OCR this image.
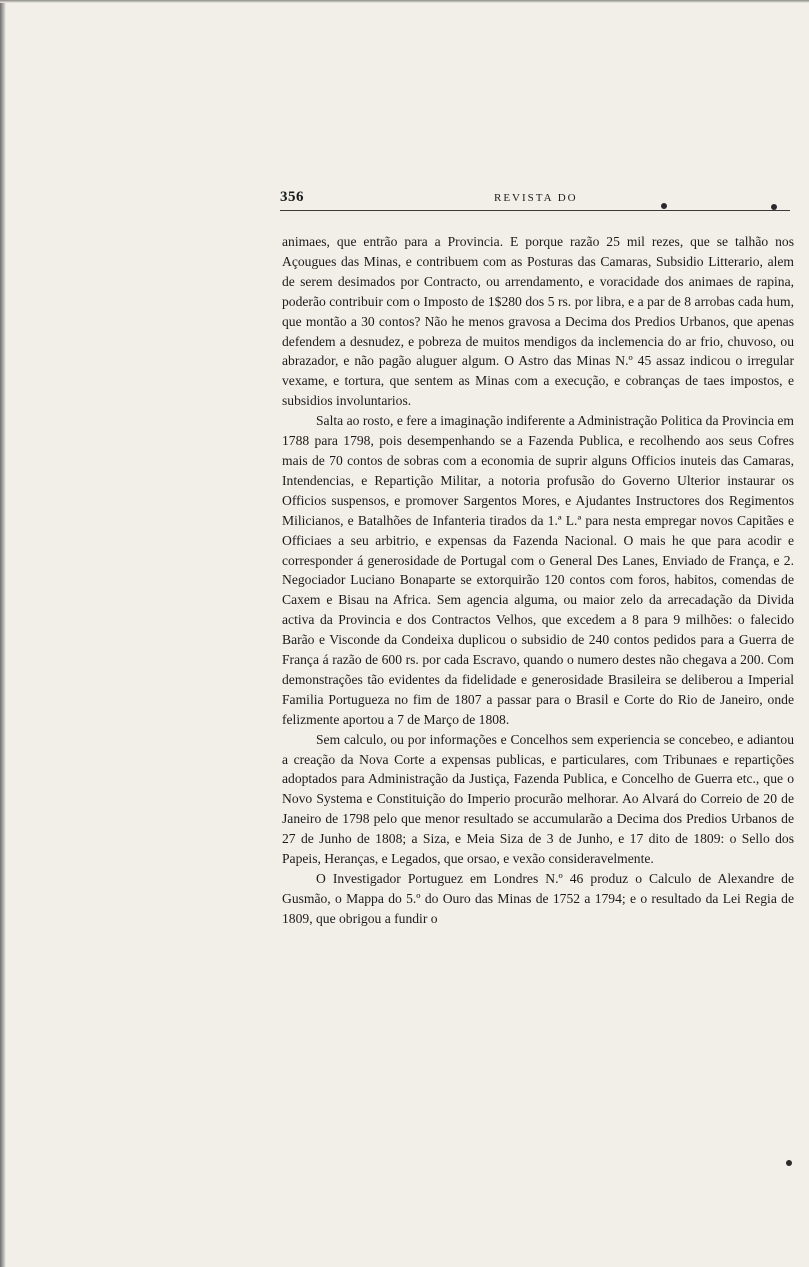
356	REVISTA DO

animaes, que entrão para a Provincia. E porque razão 25 mil rezes, que se talhão nos Açougues das Minas, e contribuem com as Posturas das Camaras, Subsidio Litterario, alem de serem desimados por Contracto, ou arrendamento, e voracidade dos animaes de rapina, poderão contribuir com o Imposto de 1$280 dos 5 rs. por libra, e a par de 8 arrobas cada hum, que montão a 30 contos? Não he menos gravosa a Decima dos Predios Urbanos, que apenas defendem a desnudez, e pobreza de muitos mendigos da inclemencia do ar frio, chuvoso, ou abrazador, e não pagão aluguer algum. O Astro das Minas N.º 45 assaz indicou o irregular vexame, e tortura, que sentem as Minas com a execução, e cobranças de taes impostos, e subsidios involuntarios.

Salta ao rosto, e fere a imaginação indiferente a Administração Politica da Provincia em 1788 para 1798, pois desempenhando se a Fazenda Publica, e recolhendo aos seus Cofres mais de 70 contos de sobras com a economia de suprir alguns Officios inuteis das Camaras, Intendencias, e Repartição Militar, a notoria profusão do Governo Ulterior instaurar os Officios suspensos, e promover Sargentos Mores, e Ajudantes Instructores dos Regimentos Milicianos, e Batalhões de Infanteria tirados da 1.ª L.ª para nesta empregar novos Capitães e Officiaes a seu arbitrio, e expensas da Fazenda Nacional. O mais he que para acodir e corresponder á generosidade de Portugal com o General Des Lanes, Enviado de França, e 2. Negociador Luciano Bonaparte se extorquirão 120 contos com foros, habitos, comendas de Caxem e Bisau na Africa. Sem agencia alguma, ou maior zelo da arrecadação da Divida activa da Provincia e dos Contractos Velhos, que excedem a 8 para 9 milhões: o falecido Barão e Visconde da Condeixa duplicou o subsidio de 240 contos pedidos para a Guerra de França á razão de 600 rs. por cada Escravo, quando o numero destes não chegava a 200. Com demonstrações tão evidentes da fidelidade e generosidade Brasileira se deliberou a Imperial Familia Portugueza no fim de 1807 a passar para o Brasil e Corte do Rio de Janeiro, onde felizmente aportou a 7 de Março de 1808.

Sem calculo, ou por informações e Concelhos sem experiencia se concebeo, e adiantou a creação da Nova Corte a expensas publicas, e particulares, com Tribunaes e repartições adoptados para Administração da Justiça, Fazenda Publica, e Concelho de Guerra etc., que o Novo Systema e Constituição do Imperio procurão melhorar. Ao Alvará do Correio de 20 de Janeiro de 1798 pelo que menor resultado se accumularão a Decima dos Predios Urbanos de 27 de Junho de 1808; a Siza, e Meia Siza de 3 de Junho, e 17 dito de 1809: o Sello dos Papeis, Heranças, e Legados, que orsao, e vexão consideravelmente.

O Investigador Portuguez em Londres N.º 46 produz o Calculo de Alexandre de Gusmão, o Mappa do 5.º do Ouro das Minas de 1752 a 1794; e o resultado da Lei Regia de 1809, que obrigou a fundir o
